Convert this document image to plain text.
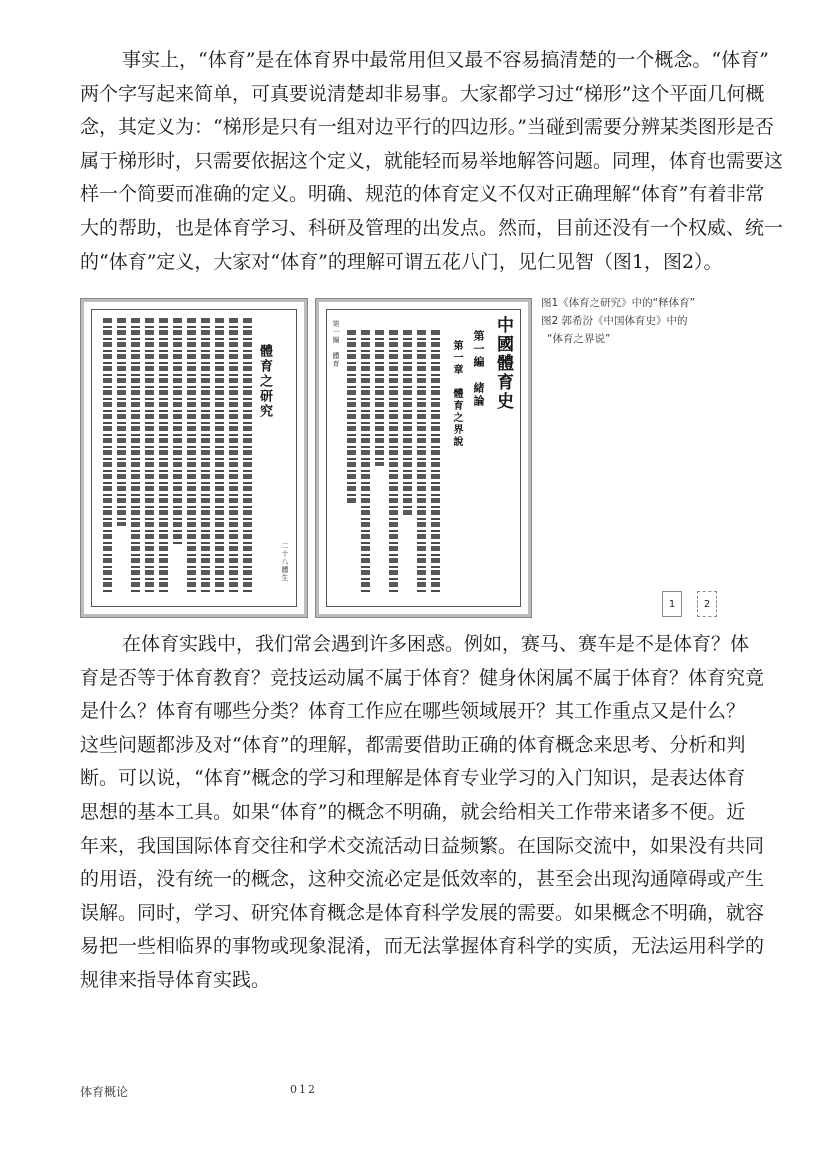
事实上，“体育”是在体育界中最常用但又最不容易搞清楚的一个概念。“体育”
两个字写起来简单，可真要说清楚却非易事。大家都学习过“梯形”这个平面几何概
念，其定义为：“梯形是只有一组对边平行的四边形。”当碰到需要分辨某类图形是否
属于梯形时，只需要依据这个定义，就能轻而易举地解答问题。同理，体育也需要这
样一个简要而准确的定义。明确、规范的体育定义不仅对正确理解“体育”有着非常
大的帮助，也是体育学习、科研及管理的出发点。然而，目前还没有一个权威、统一
的“体育”定义，大家对“体育”的理解可谓五花八门，见仁见智（图1，图2）。
二十八體生
體育之研究	中國體育史
第一編　緒論
第一章　體育之界說
第一編　體育
图1《体育之研究》中的“释体育”
图2 郭希汾《中国体育史》中的
“体育之界说”
1	2
在体育实践中，我们常会遇到许多困惑。例如，赛马、赛车是不是体育？体
育是否等于体育教育？竞技运动属不属于体育？健身休闲属不属于体育？体育究竟
是什么？体育有哪些分类？体育工作应在哪些领域展开？其工作重点又是什么？
这些问题都涉及对“体育”的理解，都需要借助正确的体育概念来思考、分析和判
断。可以说，“体育”概念的学习和理解是体育专业学习的入门知识，是表达体育
思想的基本工具。如果“体育”的概念不明确，就会给相关工作带来诸多不便。近
年来，我国国际体育交往和学术交流活动日益频繁。在国际交流中，如果没有共同
的用语，没有统一的概念，这种交流必定是低效率的，甚至会出现沟通障碍或产生
误解。同时，学习、研究体育概念是体育科学发展的需要。如果概念不明确，就容
易把一些相临界的事物或现象混淆，而无法掌握体育科学的实质，无法运用科学的
规律来指导体育实践。
体育概论	012
